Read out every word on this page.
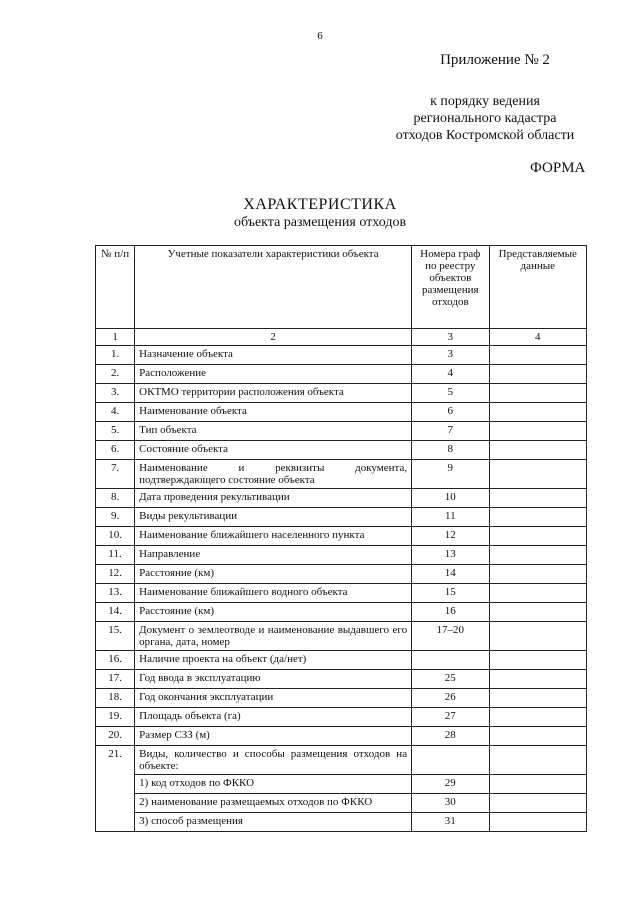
6
Приложение № 2
к порядку ведения
регионального кадастра
отходов Костромской области
ФОРМА
ХАРАКТЕРИСТИКА
объекта размещения отходов
№ п/п	Учетные показатели характеристики объекта	Номера граф по реестру объектов размещения отходов	Представляемые данные
1	2	3	4
1.	Назначение объекта	3	
2.	Расположение	4	
3.	ОКТМО территории расположения объекта	5	
4.	Наименование объекта	6	
5.	Тип объекта	7	
6.	Состояние объекта	8	
7.	Наименование и реквизиты документа, подтверждающего состояние объекта	9	
8.	Дата проведения рекультивации	10	
9.	Виды рекультивации	11	
10.	Наименование ближайшего населенного пункта	12	
11.	Направление	13	
12.	Расстояние (км)	14	
13.	Наименование ближайшего водного объекта	15	
14.	Расстояние (км)	16	
15.	Документ о землеотводе и наименование выдавшего его органа, дата, номер	17–20	
16.	Наличие проекта на объект (да/нет)		
17.	Год ввода в эксплуатацию	25	
18.	Год окончания эксплуатации	26	
19.	Площадь объекта (га)	27	
20.	Размер СЗЗ (м)	28	
21.	Виды, количество и способы размещения отходов на объекте:		
	1) код отходов по ФККО	29	
	2) наименование размещаемых отходов по ФККО	30	
	3) способ размещения	31	
